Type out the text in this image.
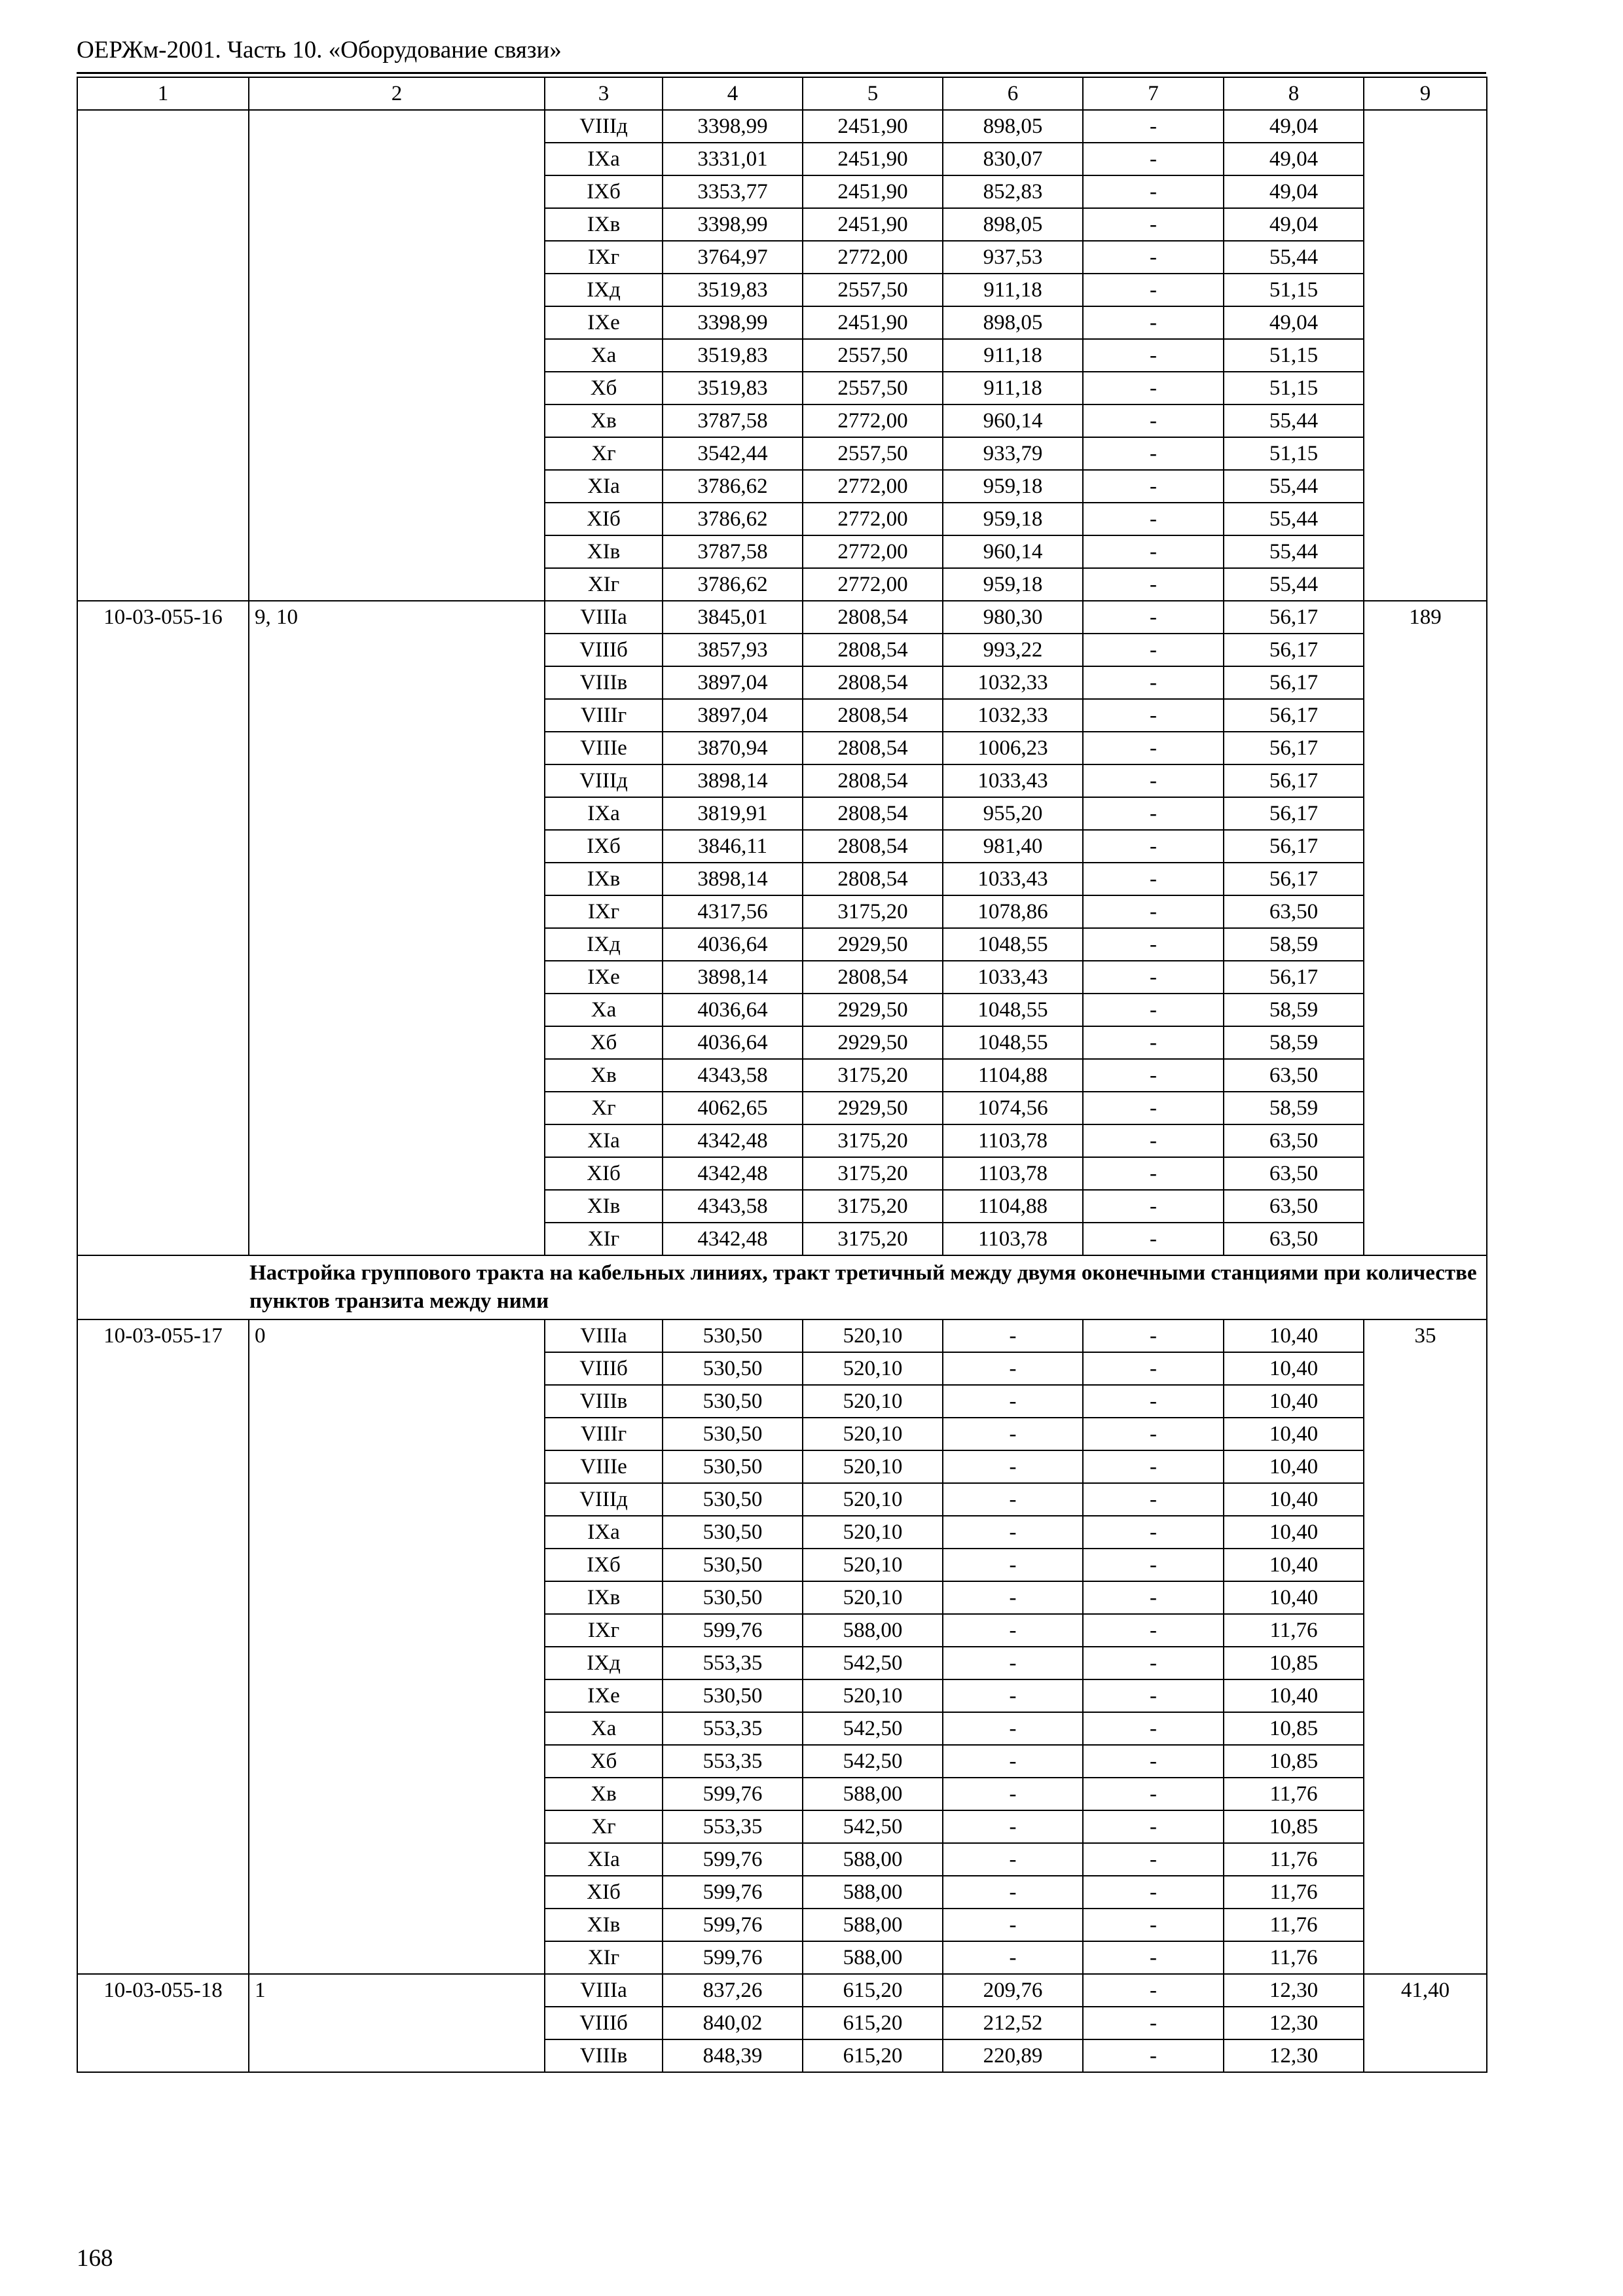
ОЕРЖм-2001. Часть 10. «Оборудование связи»
1	2	3	4	5	6	7	8	9
		VIIIд	3398,99	2451,90	898,05	-	49,04	
		IXа	3331,01	2451,90	830,07	-	49,04	
		IXб	3353,77	2451,90	852,83	-	49,04	
		IXв	3398,99	2451,90	898,05	-	49,04	
		IXг	3764,97	2772,00	937,53	-	55,44	
		IXд	3519,83	2557,50	911,18	-	51,15	
		IXе	3398,99	2451,90	898,05	-	49,04	
		Xа	3519,83	2557,50	911,18	-	51,15	
		Xб	3519,83	2557,50	911,18	-	51,15	
		Xв	3787,58	2772,00	960,14	-	55,44	
		Xг	3542,44	2557,50	933,79	-	51,15	
		XIа	3786,62	2772,00	959,18	-	55,44	
		XIб	3786,62	2772,00	959,18	-	55,44	
		XIв	3787,58	2772,00	960,14	-	55,44	
		XIг	3786,62	2772,00	959,18	-	55,44	
10-03-055-16	9, 10	VIIIа	3845,01	2808,54	980,30	-	56,17	189
		VIIIб	3857,93	2808,54	993,22	-	56,17	
		VIIIв	3897,04	2808,54	1032,33	-	56,17	
		VIIIг	3897,04	2808,54	1032,33	-	56,17	
		VIIIе	3870,94	2808,54	1006,23	-	56,17	
		VIIIд	3898,14	2808,54	1033,43	-	56,17	
		IXа	3819,91	2808,54	955,20	-	56,17	
		IXб	3846,11	2808,54	981,40	-	56,17	
		IXв	3898,14	2808,54	1033,43	-	56,17	
		IXг	4317,56	3175,20	1078,86	-	63,50	
		IXд	4036,64	2929,50	1048,55	-	58,59	
		IXе	3898,14	2808,54	1033,43	-	56,17	
		Xа	4036,64	2929,50	1048,55	-	58,59	
		Xб	4036,64	2929,50	1048,55	-	58,59	
		Xв	4343,58	3175,20	1104,88	-	63,50	
		Xг	4062,65	2929,50	1074,56	-	58,59	
		XIа	4342,48	3175,20	1103,78	-	63,50	
		XIб	4342,48	3175,20	1103,78	-	63,50	
		XIв	4343,58	3175,20	1104,88	-	63,50	
		XIг	4342,48	3175,20	1103,78	-	63,50	
Настройка группового тракта на кабельных линиях, тракт третичный между двумя оконечными станциями при количестве пунктов транзита между ними								
10-03-055-17	0	VIIIа	530,50	520,10	-	-	10,40	35
		VIIIб	530,50	520,10	-	-	10,40	
		VIIIв	530,50	520,10	-	-	10,40	
		VIIIг	530,50	520,10	-	-	10,40	
		VIIIе	530,50	520,10	-	-	10,40	
		VIIIд	530,50	520,10	-	-	10,40	
		IXа	530,50	520,10	-	-	10,40	
		IXб	530,50	520,10	-	-	10,40	
		IXв	530,50	520,10	-	-	10,40	
		IXг	599,76	588,00	-	-	11,76	
		IXд	553,35	542,50	-	-	10,85	
		IXе	530,50	520,10	-	-	10,40	
		Xа	553,35	542,50	-	-	10,85	
		Xб	553,35	542,50	-	-	10,85	
		Xв	599,76	588,00	-	-	11,76	
		Xг	553,35	542,50	-	-	10,85	
		XIа	599,76	588,00	-	-	11,76	
		XIб	599,76	588,00	-	-	11,76	
		XIв	599,76	588,00	-	-	11,76	
		XIг	599,76	588,00	-	-	11,76	
10-03-055-18	1	VIIIа	837,26	615,20	209,76	-	12,30	41,40
		VIIIб	840,02	615,20	212,52	-	12,30	
		VIIIв	848,39	615,20	220,89	-	12,30	
168
